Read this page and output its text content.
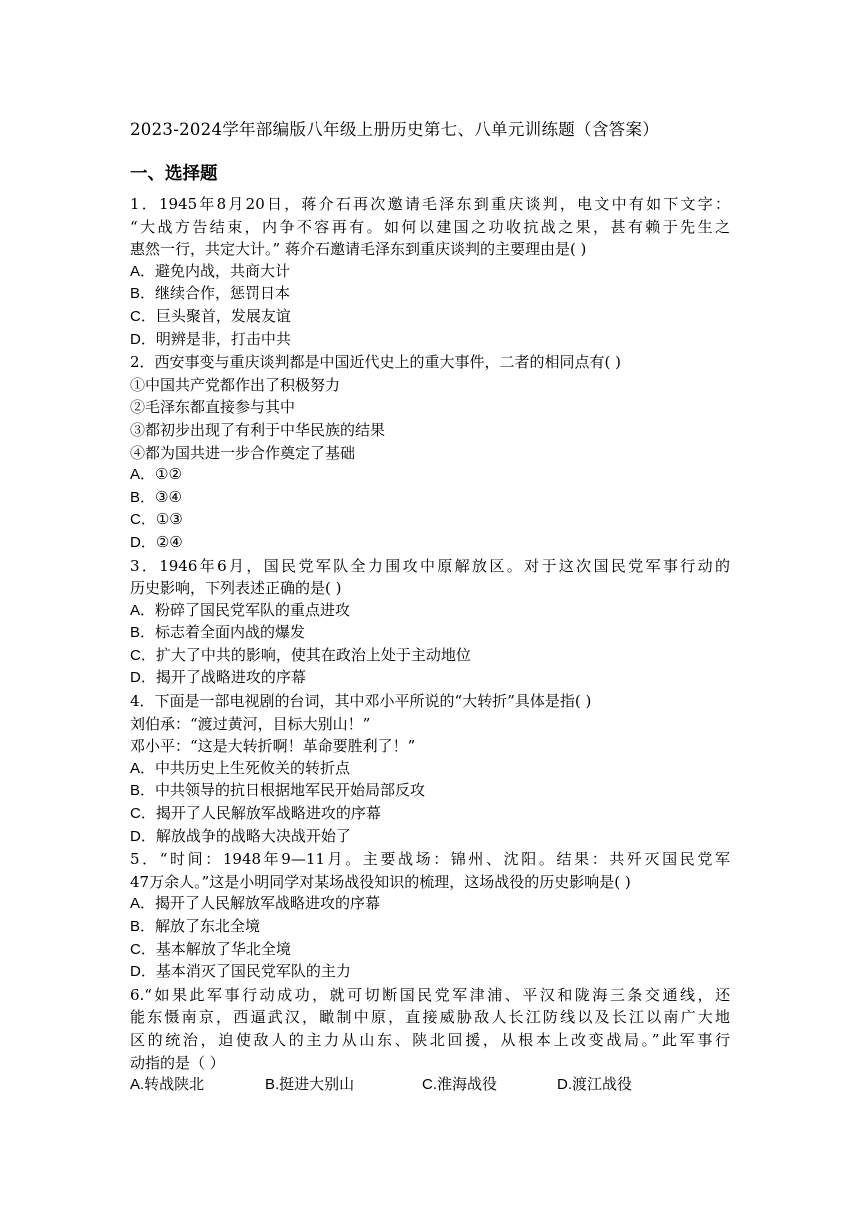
2023-2024学年部编版八年级上册历史第七、八单元训练题（含答案）
一、选择题
1．1945年8月20日，蒋介石再次邀请毛泽东到重庆谈判，电文中有如下文字：
“大战方告结束，内争不容再有。如何以建国之功收抗战之果，甚有赖于先生之
惠然一行，共定大计。” 蒋介石邀请毛泽东到重庆谈判的主要理由是( )
A．避免内战，共商大计
B．继续合作，惩罚日本
C．巨头聚首，发展友谊
D．明辨是非，打击中共
2．西安事变与重庆谈判都是中国近代史上的重大事件，二者的相同点有( )
①中国共产党都作出了积极努力
②毛泽东都直接参与其中
③都初步出现了有利于中华民族的结果
④都为国共进一步合作奠定了基础
A．①②
B．③④
C．①③
D．②④
3．1946年6月，国民党军队全力围攻中原解放区。对于这次国民党军事行动的
历史影响，下列表述正确的是( )
A．粉碎了国民党军队的重点进攻
B．标志着全面内战的爆发
C．扩大了中共的影响，使其在政治上处于主动地位
D．揭开了战略进攻的序幕
4．下面是一部电视剧的台词，其中邓小平所说的“大转折”具体是指( )
刘伯承：“渡过黄河，目标大别山！”
邓小平：“这是大转折啊！革命要胜利了！”
A．中共历史上生死攸关的转折点
B．中共领导的抗日根据地军民开始局部反攻
C．揭开了人民解放军战略进攻的序幕
D．解放战争的战略大决战开始了
5．“时间：1948年9—11月。主要战场：锦州、沈阳。结果：共歼灭国民党军
47万余人。”这是小明同学对某场战役知识的梳理，这场战役的历史影响是( )
A．揭开了人民解放军战略进攻的序幕
B．解放了东北全境
C．基本解放了华北全境
D．基本消灭了国民党军队的主力
6.“如果此军事行动成功，就可切断国民党军津浦、平汉和陇海三条交通线，还
能东慑南京，西逼武汉，瞰制中原，直接威胁敌人长江防线以及长江以南广大地
区的统治，迫使敌人的主力从山东、陕北回援，从根本上改变战局。”此军事行
动指的是（ ）
A.转战陕北	B.挺进大别山	C.淮海战役	D.渡江战役
